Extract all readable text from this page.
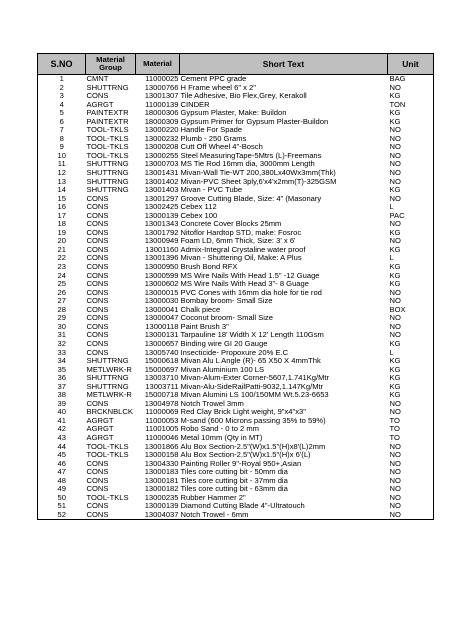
S.NO	Material Group	Material	Short Text	Unit
1	CMNT	11000025	Cement PPC grade	BAG
2	SHUTTRNG	13000766	H Frame wheel 6" x 2"	NO
3	CONS	13001307	Tile Adhesive, Bio Flex,Grey, Kerakoll	KG
4	AGRGT	11000139	CINDER	TON
5	PAINTEXTR	18000306	Gypsum Plaster, Make: Buildon	KG
6	PAINTEXTR	18000309	Gypsum Primer for Gypsum Plaster-Buildon	KG
7	TOOL-TKLS	13000220	Handle For Spade	NO
8	TOOL-TKLS	13000232	Plumb - 250 Grams	NO
9	TOOL-TKLS	13000208	Cutt Off Wheel 4"-Bosch	NO
10	TOOL-TKLS	13000255	Steel MeasuringTape-5Mtrs (L)-Freemans	NO
11	SHUTTRNG	13000703	MS Tie Rod 16mm dia, 3000mm Length	NO
12	SHUTTRNG	13001431	Mivan-Wall Tie-WT 200,380Lx40Wx3mm(Thk)	NO
13	SHUTTRNG	13001402	Mivan-PVC Sheet 3ply,6'x4'x2mm(T)-325GSM	NO
14	SHUTTRNG	13001403	Mivan - PVC Tube	KG
15	CONS	13001297	Groove Cutting Blade, Size: 4" (Masonary	NO
16	CONS	13002425	Cebex 112	L
17	CONS	13000139	Cebex 100	PAC
18	CONS	13001343	Concrete Cover Blocks 25mm	NO
19	CONS	13001792	Nitoflor Hardtop STD, make: Fosroc	KG
20	CONS	13000949	Foam LD, 6mm Thick, Size: 3' x 6'	NO
21	CONS	13001160	Admix-Integral Crystaline water proof	KG
22	CONS	13001396	Mivan - Shuttering Oil, Make: A Plus	L
23	CONS	13000950	Brush Bond RFX	KG
24	CONS	13000599	MS Wire Nails With Head 1.5" -12 Guage	KG
25	CONS	13000602	MS Wire Nails With Head 3"- 8 Guage	KG
26	CONS	13000015	PVC Cones with 16mm dia hole for tie rod	NO
27	CONS	13000030	Bombay broom- Small Size	NO
28	CONS	13000041	Chalk piece	BOX
29	CONS	13000047	Coconut broom- Small Size	NO
30	CONS	13000118	Paint Brush 3"	NO
31	CONS	13000131	Tarpauline 18' Width X 12' Length 110Gsm	NO
32	CONS	13000657	Binding wire GI 20 Gauge	KG
33	CONS	13005740	Insecticide- Propoxure 20% E.C	L
34	SHUTTRNG	15000618	Mivan Alu L Angle (R)- 65 X50 X 4mmThk	KG
35	METLWRK-R	15000697	Mivan Aluminium 100 LS	KG
36	SHUTTRNG	13003710	Mivan-Alum-Exter Corner-5607,1.741Kg/Mtr	KG
37	SHUTTRNG	13003711	Mivan-Alu-SideRailPatti-9032,1.147Kg/Mtr	KG
38	METLWRK-R	15000718	Mivan Alumini LS 100/150MM Wt.5.23-6653	KG
39	CONS	13004978	Notch Trowel 3mm	NO
40	BRCKNBLCK	11000069	Red Clay Brick Light weight, 9"x4"x3"	NO
41	AGRGT	11000053	M-sand (600 Microns passing 35% to 59%)	TO
42	AGRGT	11001005	Robo Sand - 0 to 2 mm	TO
43	AGRGT	11000046	Metal 10mm (Qty in MT)	TO
44	TOOL-TKLS	13001866	Alu Box Section-2.5"(W)x1.5"(H)x8'(L)2mm	NO
45	TOOL-TKLS	13000158	Alu Box Section-2.5"(W)x1.5"(H)x 6'(L)	NO
46	CONS	13004330	Painting Roller 9"-Royal 950+,Asian	NO
47	CONS	13000183	Tiles core cutting bit - 50mm dia	NO
48	CONS	13000181	Tiles core cutting bit - 37mm dia	NO
49	CONS	13000182	Tiles core cutting bit - 63mm dia	NO
50	TOOL-TKLS	13000235	Rubber Hammer 2"	NO
51	CONS	13000139	Diamond Cutting Blade 4"-Ultratouch	NO
52	CONS	13004037	Notch Trowel - 6mm	NO
